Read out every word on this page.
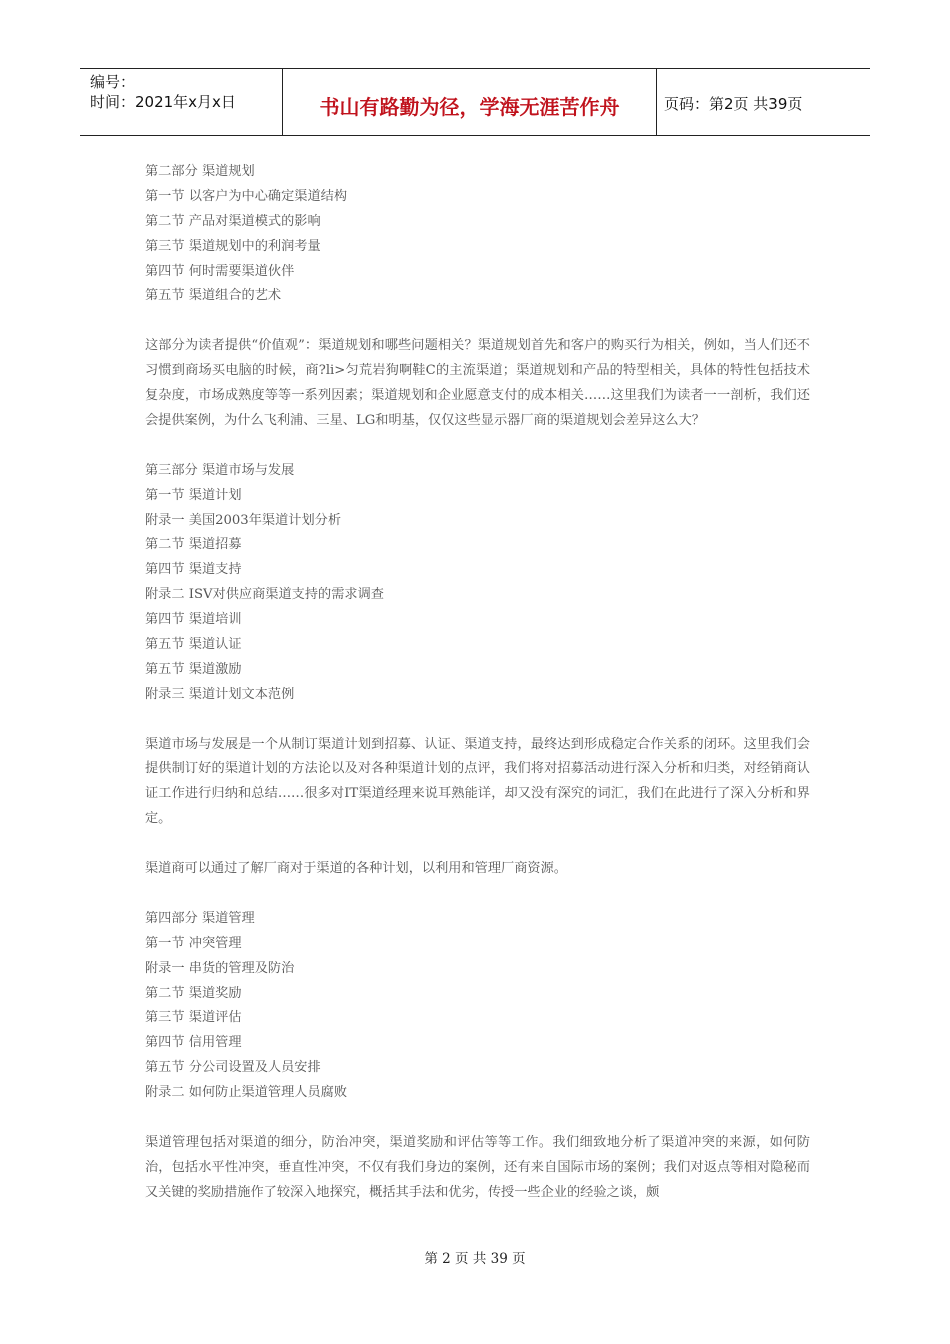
编号：
时间：2021年x月x日	书山有路勤为径，学海无涯苦作舟	页码：第2页 共39页
第二部分 渠道规划
第一节 以客户为中心确定渠道结构
第二节 产品对渠道模式的影响
第三节 渠道规划中的利润考量
第四节 何时需要渠道伙伴
第五节 渠道组合的艺术
这部分为读者提供“价值观”：渠道规划和哪些问题相关？渠道规划首先和客户的购买行为相关，例如，当人们还不习惯到商场买电脑的时候，商?li>匀荒岩狗啊鞋C的主流渠道；渠道规划和产品的特型相关，具体的特性包括技术复杂度，市场成熟度等等一系列因素；渠道规划和企业愿意支付的成本相关……这里我们为读者一一剖析，我们还会提供案例，为什么飞利浦、三星、LG和明基，仅仅这些显示器厂商的渠道规划会差异这么大？
第三部分 渠道市场与发展
第一节 渠道计划
附录一 美国2003年渠道计划分析
第二节 渠道招募
第四节 渠道支持
附录二 ISV对供应商渠道支持的需求调查
第四节 渠道培训
第五节 渠道认证
第五节 渠道激励
附录三 渠道计划文本范例
渠道市场与发展是一个从制订渠道计划到招募、认证、渠道支持，最终达到形成稳定合作关系的闭环。这里我们会提供制订好的渠道计划的方法论以及对各种渠道计划的点评，我们将对招募活动进行深入分析和归类，对经销商认证工作进行归纳和总结……很多对IT渠道经理来说耳熟能详，却又没有深究的词汇，我们在此进行了深入分析和界定。
渠道商可以通过了解厂商对于渠道的各种计划，以利用和管理厂商资源。
第四部分 渠道管理
第一节 冲突管理
附录一 串货的管理及防治
第二节 渠道奖励
第三节 渠道评估
第四节 信用管理
第五节 分公司设置及人员安排
附录二 如何防止渠道管理人员腐败
渠道管理包括对渠道的细分，防治冲突，渠道奖励和评估等等工作。我们细致地分析了渠道冲突的来源，如何防治，包括水平性冲突，垂直性冲突，不仅有我们身边的案例，还有来自国际市场的案例；我们对返点等相对隐秘而又关键的奖励措施作了较深入地探究，概括其手法和优劣，传授一些企业的经验之谈，颇
第 2 页 共 39 页
